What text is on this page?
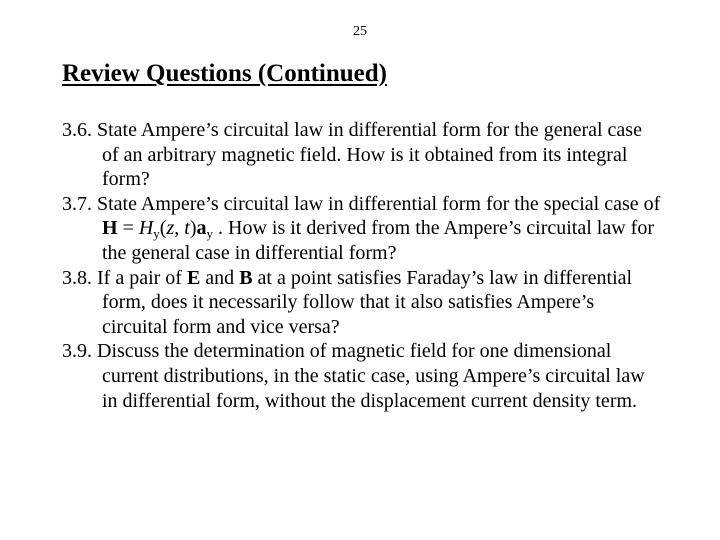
25
Review Questions (Continued)
3.6. State Ampere’s circuital law in differential form for the general case of an arbitrary magnetic field. How is it obtained from its integral form?
3.7. State Ampere’s circuital law in differential form for the special case of $H = H_y(z$, $t)a_y$ . How is it derived from the Ampere’s circuital law for the general case in differential form?
3.8. If a pair of E and B at a point satisfies Faraday’s law in differential form, does it necessarily follow that it also satisfies Ampere’s circuital form and vice versa?
3.9. Discuss the determination of magnetic field for one dimensional current distributions, in the static case, using Ampere’s circuital law in differential form, without the displacement current density term.
